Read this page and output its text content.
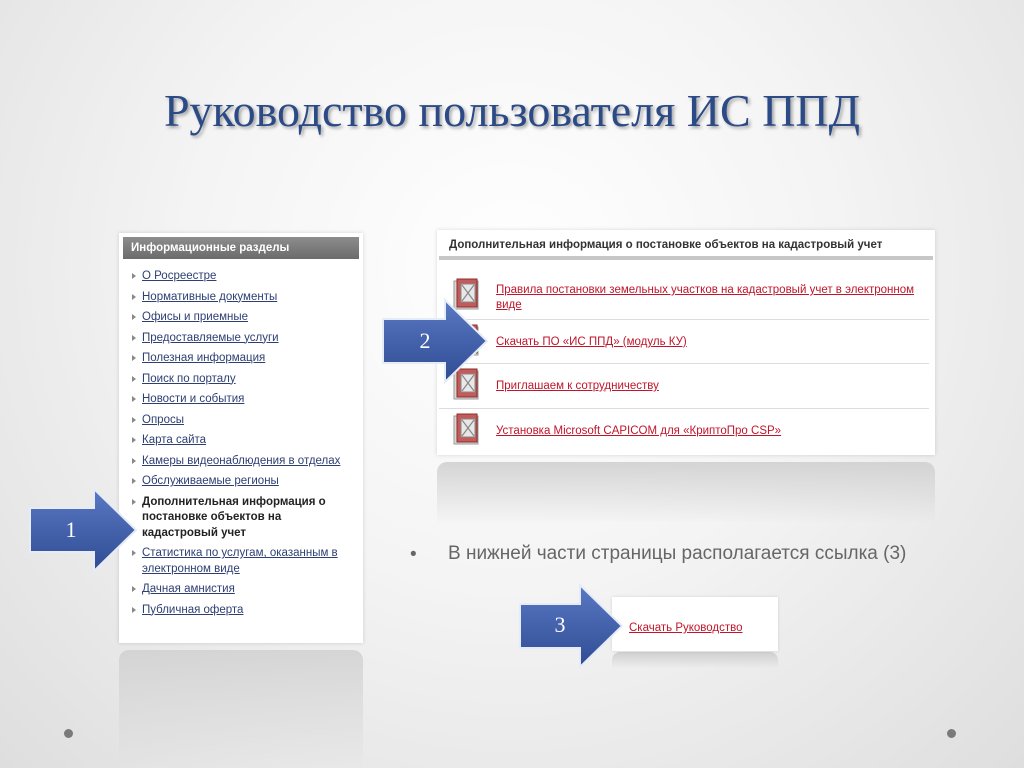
Руководство пользователя ИС ППД
Информационные разделы
О Росреестре
Нормативные документы
Офисы и приемные
Предоставляемые услуги
Полезная информация
Поиск по порталу
Новости и события
Опросы
Карта сайта
Камеры видеонаблюдения в отделах
Обслуживаемые регионы
Дополнительная информация о постановке объектов на кадастровый учет
Статистика по услугам, оказанным в электронном виде
Дачная амнистия
Публичная оферта
Дополнительная информация о постановке объектов на кадастровый учет
Правила постановки земельных участков на кадастровый учет в электронном виде
Скачать ПО «ИС ППД» (модуль КУ)
Приглашаем к сотрудничеству
Установка Microsoft CAPICOM для «КриптоПро CSP»
• В нижней части страницы располагается ссылка (3)
Скачать Руководство
1
2
3
